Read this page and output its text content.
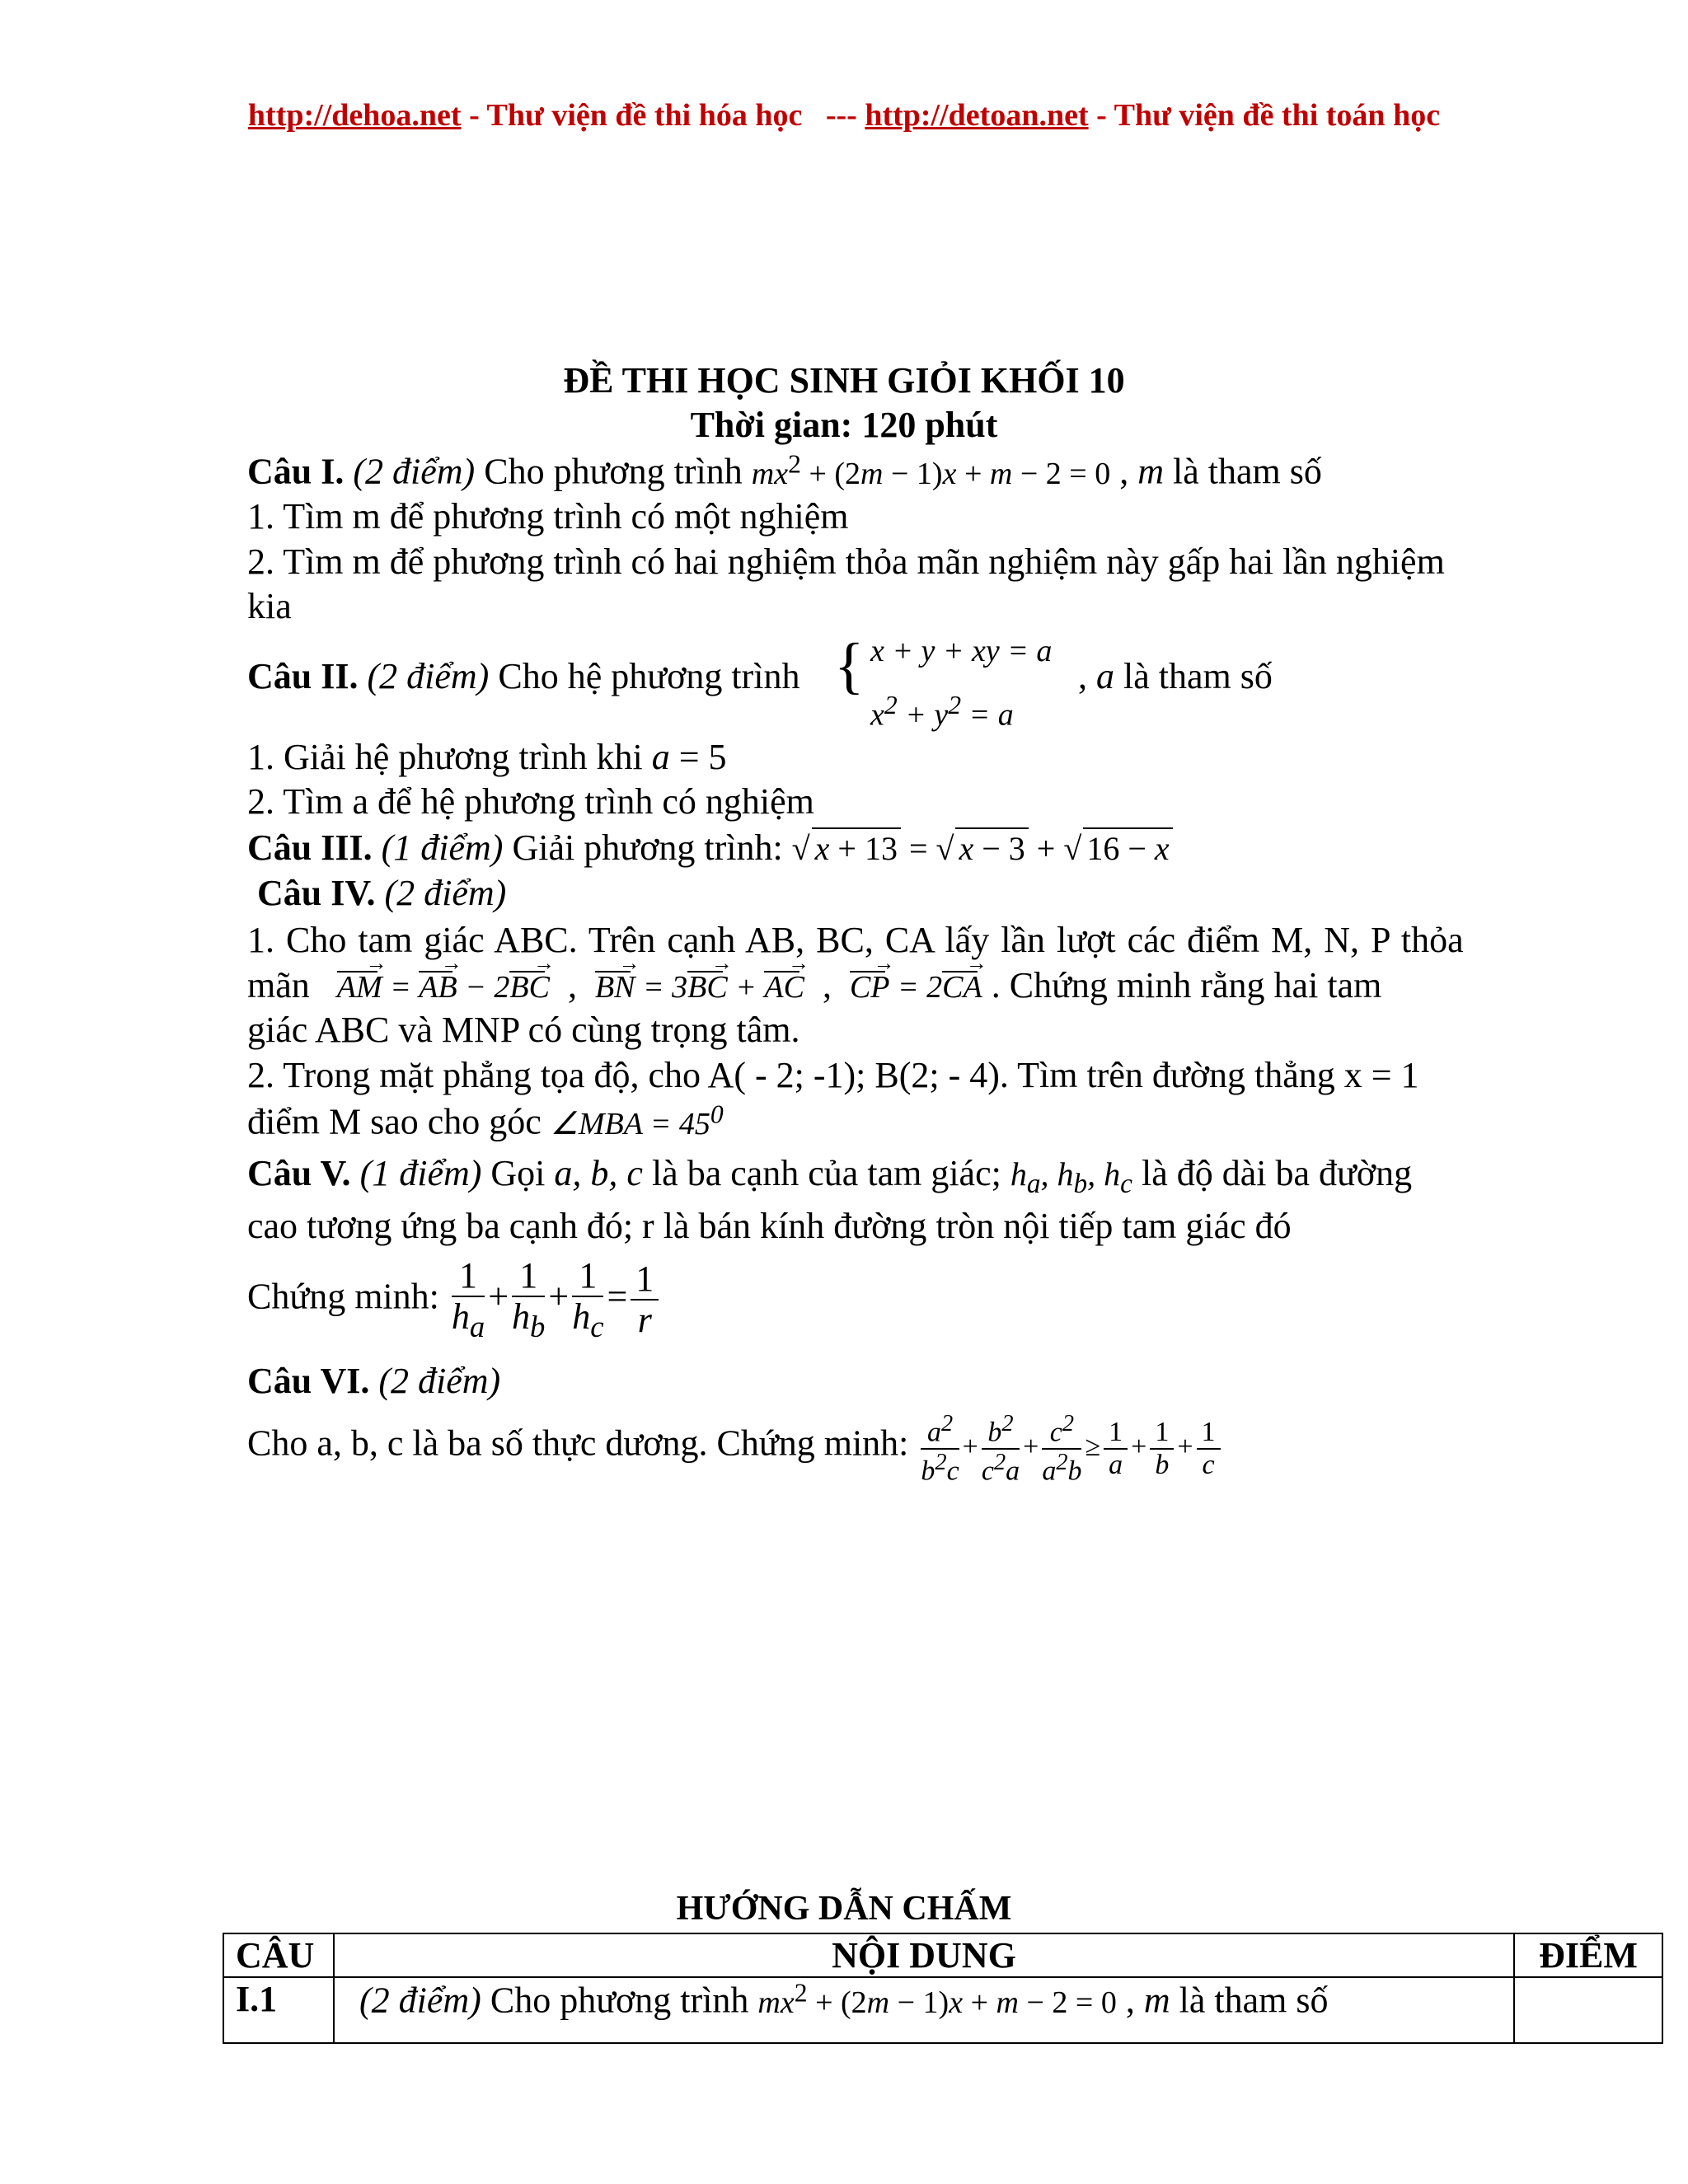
http://dehoa.net - Thư viện đề thi hóa học --- http://detoan.net - Thư viện đề thi toán học
ĐỀ THI HỌC SINH GIỎI KHỐI 10
Thời gian: 120 phút
Câu I. (2 điểm) Cho phương trình $mx^2 + (2m - 1)x + m - 2 = 0$ , m là tham số
1. Tìm m để phương trình có một nghiệm
2. Tìm m để phương trình có hai nghiệm thỏa mãn nghiệm này gấp hai lần nghiệm
kia
Câu II. (2 điểm) Cho hệ phương trình { x + y + xy = a
$x^2 + y^2 = a$
, a là tham số
1. Giải hệ phương trình khi a = 5
2. Tìm a để hệ phương trình có nghiệm
Câu III. (1 điểm) Giải phương trình: √ x + 13 = √ x − 3 + √ 16 − x
Câu IV. (2 điểm)
1. Cho tam giác ABC. Trên cạnh AB, BC, CA lấy lần lượt các điểm M, N, P thỏa
mãn → AM = → AB − 2→ BC  ,  → BN = 3→ BC + → AC  ,  → CP = 2→ CA . Chứng minh rằng hai tam
giác ABC và MNP có cùng trọng tâm.
2. Trong mặt phẳng tọa độ, cho A( - 2; -1); B(2; - 4). Tìm trên đường thẳng x = 1
điểm M sao cho góc ∠MBA = $45^0$
Câu V. (1 điểm) Gọi a, b, c là ba cạnh của tam giác; $h_a$, $h_b$, $h_c$ là độ dài ba đường
cao tương ứng ba cạnh đó; r là bán kính đường tròn nội tiếp tam giác đó
Chứng minh: $\frac{1}{h_a} + \frac{1}{h_b} + \frac{1}{h_c} = \frac{1}{r}$
Câu VI. (2 điểm)
Cho a, b, c là ba số thực dương. Chứng minh: $\frac{a^2}{b^2c} + \frac{b^2}{c^2a} + \frac{c^2}{a^2b} \ge \frac{1}{a} + \frac{1}{b} + \frac{1}{c}$
HƯỚNG DẪN CHẤM
CÂU	NỘI DUNG	ĐIỂM
I.1	(2 điểm) Cho phương trình $mx^2 + (2m - 1)x + m - 2 = 0$ , m là tham số	
